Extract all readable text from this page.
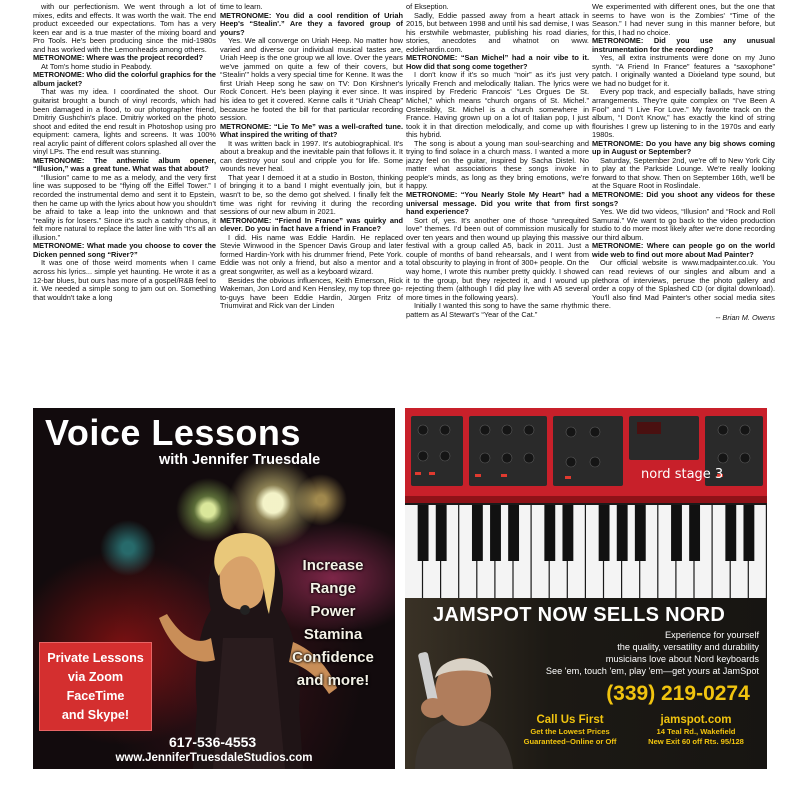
with our perfectionism. We went through a lot of mixes, edits and effects. It was worth the wait. The end product exceeded our expectations. Tom has a very keen ear and is a true master of the mixing board and Pro Tools. He's been producing since the mid-1980s and has worked with the Lemonheads among others.

METRONOME: Where was the project recorded?

At Tom's home studio in Peabody.

METRONOME: Who did the colorful graphics for the album jacket?

That was my idea. I coordinated the shoot. Our guitarist brought a bunch of vinyl records, which had been damaged in a flood, to our photographer friend, Dmitriy Gushchin's place. Dmitriy worked on the photo shoot and edited the end result in Photoshop using pro equipment: camera, lights and screens. It was 100% real acrylic paint of different colors splashed all over the vinyl LPs. The end result was stunning.

METRONOME: The anthemic album opener, “Illusion,” was a great tune. What was that about?

“Illusion” came to me as a melody, and the very first line was supposed to be “flying off the Eiffel Tower.” I recorded the instrumental demo and sent it to Epstein, then he came up with the lyrics about how you shouldn't be afraid to take a leap into the unknown and that “reality is for losers.” Since it's such a catchy chorus, it felt more natural to replace the latter line with “It's all an illusion.”

METRONOME: What made you choose to cover the Dicken penned song “River?”

It was one of those weird moments when I came across his lyrics... simple yet haunting. He wrote it as a 12-bar blues, but ours has more of a gospel/R&B feel to it. We needed a simple song to jam out on. Something that wouldn't take a long

time to learn.

METRONOME: You did a cool rendition of Uriah Heep's “Stealin'.” Are they a favored group of yours?

Yes. We all converge on Uriah Heep. No matter how varied and diverse our individual musical tastes are, Uriah Heep is the one group we all love. Over the years we've jammed on quite a few of their covers, but “Stealin'” holds a very special time for Kenne. It was the first Uriah Heep song he saw on TV: Don Kirshner's Rock Concert. He's been playing it ever since. It was his idea to get it covered. Kenne calls it “Uriah Cheap” because he footed the bill for that particular recording session.

METRONOME: “Lie To Me” was a well-crafted tune. What inspired the writing of that?

It was written back in 1997. It's autobiographical. It's about a breakup and the inevitable pain that follows it. It can destroy your soul and cripple you for life. Some wounds never heal.

That year I demoed it at a studio in Boston, thinking of bringing it to a band I might eventually join, but it wasn't to be, so the demo got shelved. I finally felt the time was right for reviving it during the recording sessions of our new album in 2021.

METRONOME: “Friend In France” was quirky and clever. Do you in fact have a friend in France?

I did. His name was Eddie Hardin. He replaced Stevie Winwood in the Spencer Davis Group and later formed Hardin-York with his drummer friend, Pete York. Eddie was not only a friend, but also a mentor and a great songwriter, as well as a keyboard wizard.

Besides the obvious influences, Keith Emerson, Rick Wakeman, Jon Lord and Ken Hensley, my top three go-to-guys have been Eddie Hardin, Jürgen Fritz of Triumvirat and Rick van der Linden

of Ekseption.

Sadly, Eddie passed away from a heart attack in 2015, but between 1998 and until his sad demise, I was his erstwhile webmaster, publishing his road diaries, stories, anecdotes and whatnot on www. eddiehardin.com.

METRONOME: “San Michel” had a noir vibe to it. How did that song come together?

I don't know if it's so much “noir” as it's just very lyrically French and melodically Italian. The lyrics were inspired by Frederic Francois' “Les Orgues De St. Michel,” which means “church organs of St. Michel.” Ostensibly, St. Michel is a church somewhere in France. Having grown up on a lot of Italian pop, I just took it in that direction melodically, and come up with this hybrid.

The song is about a young man soul-searching and trying to find solace in a church mass. I wanted a more jazzy feel on the guitar, inspired by Sacha Distel. No matter what associations these songs invoke in people's minds, as long as they bring emotions, we're happy.

METRONOME: “You Nearly Stole My Heart” had a universal message. Did you write that from first hand experience?

Sort of, yes. It's another one of those “unrequited love” themes. I'd been out of commission musically for over ten years and then wound up playing this massive festival with a group called A5, back in 2011. Just a couple of months of band rehearsals, and I went from total obscurity to playing in front of 300+ people. On the way home, I wrote this number pretty quickly. I showed it to the group, but they rejected it, and I wound up rejecting them (although I did play live with A5 several more times in the following years).

Initially I wanted this song to have the same rhythmic pattern as Al Stewart's “Year of the Cat.”

We experimented with different ones, but the one that seems to have won is the Zombies' “Time of the Season.” I had never sung in this manner before, but for this, I had no choice.

METRONOME: Did you use any unusual instrumentation for the recording?

Yes, all extra instruments were done on my Juno synth. “A Friend In France” features a “saxophone” patch. I originally wanted a Dixieland type sound, but we had no budget for it.

Every pop track, and especially ballads, have string arrangements. They're quite complex on “I've Been A Fool” and “I Live For Love.” My favorite track on the album, “I Don't Know,” has exactly the kind of string flourishes I grew up listening to in the 1970s and early 1980s.

METRONOME: Do you have any big shows coming up in August or September?

Saturday, September 2nd, we're off to New York City to play at the Parkside Lounge. We're really looking forward to that show. Then on September 16th, we'll be at the Square Root in Roslindale.

METRONOME: Did you shoot any videos for these songs?

Yes. We did two videos, “Illusion” and “Rock and Roll Samurai.” We want to go back to the video production studio to do more most likely after we're done recording our third album.

METRONOME: Where can people go on the world wide web to find out more about Mad Painter?

Our official website is www.madpainter.co.uk. You can read reviews of our singles and album and a plethora of interviews, peruse the photo gallery and order a copy of the Splashed CD (or digital download). You'll also find Mad Painter's other social media sites there.

-- Brian M. Owens

Voice Lessons
with Jennifer Truesdale
Increase
Range
Power
Stamina
Confidence
and more!
Private Lessons
via Zoom
FaceTime
and Skype!
617-536-4553
www.JenniferTruesdaleStudios.com
nord stage 3
JAMSPOT NOW SELLS NORD
Experience for yourself
the quality, versatility and durability
musicians love about Nord keyboards
See 'em, touch 'em, play 'em—get yours at JamSpot
(339) 219-0274
Call Us First
Get the Lowest Prices
Guaranteed–Online or Off
jamspot.com
14 Teal Rd., Wakefield
New Exit 60 off Rts. 95/128
